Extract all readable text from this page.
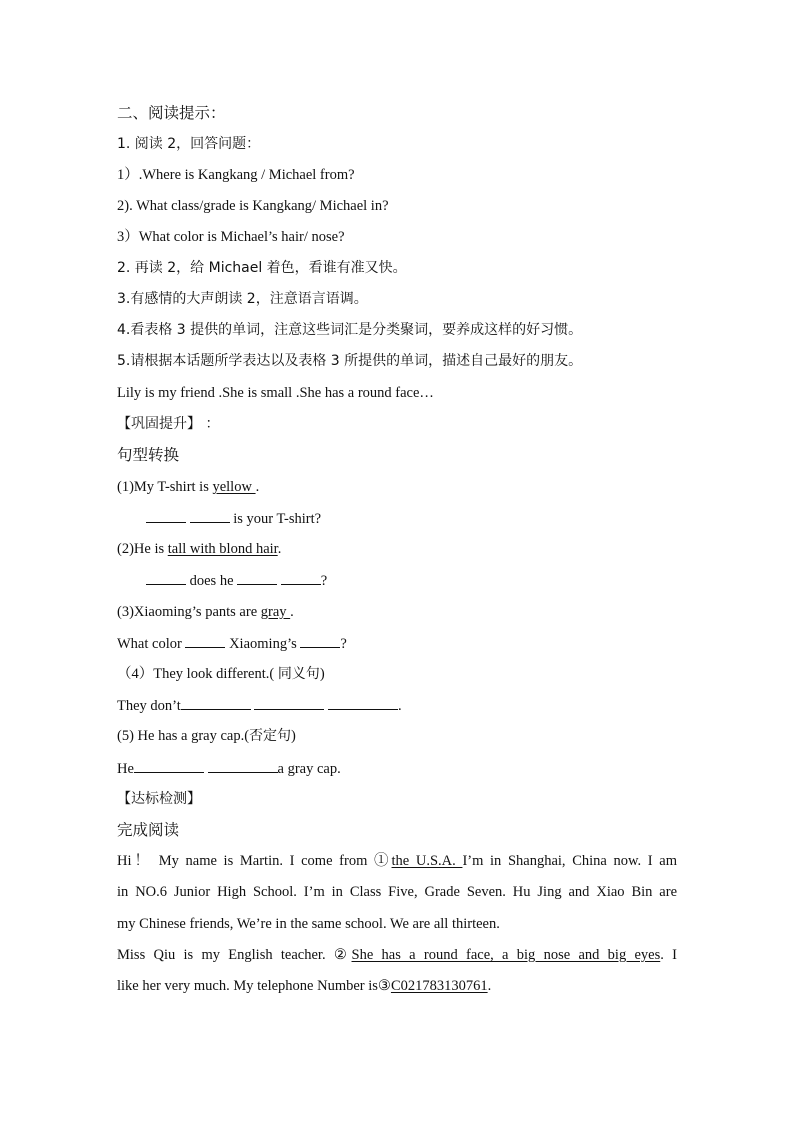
二、阅读提示：
1. 阅读 2，回答问题：
1）.Where is Kangkang / Michael from?
2). What class/grade is Kangkang/ Michael in?
3）What color is Michael’s hair/ nose?
2. 再读 2，给 Michael 着色，看谁有准又快。
3.有感情的大声朗读 2，注意语言语调。
4.看表格 3 提供的单词，注意这些词汇是分类聚词，要养成这样的好习惯。
5.请根据本话题所学表达以及表格 3 所提供的单词，描述自己最好的朋友。
Lily is my friend .She is small .She has a round face…
【巩固提升】 ：
句型转换
(1)My T-shirt is yellow .
is your T-shirt?
(2)He is tall with blond hair.
does he	?
(3)Xiaoming’s pants are gray .
What color	Xiaoming’s	?
（4）They look different.( 同义句)
They don’t	.
(5) He has a gray cap.(否定句)
He	a gray cap.
【达标检测】
完成阅读
Hi！ My name is Martin. I come from ①the U.S.A. I’m in Shanghai, China now. I am
in NO.6 Junior High School. I’m in Class Five, Grade Seven. Hu Jing and Xiao Bin are
my Chinese friends, We’re in the same school. We are all thirteen.
Miss Qiu is my English teacher. ②She has a round face, a big nose and big eyes. I
like her very much. My telephone Number is③C021783130761.
